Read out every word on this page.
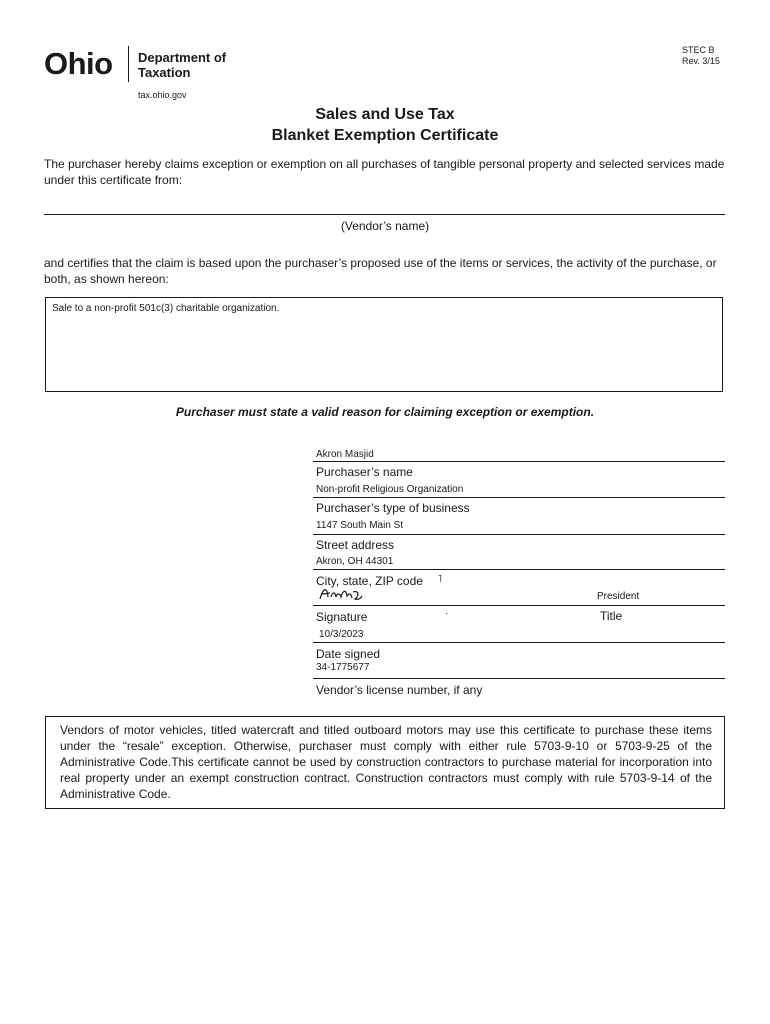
Ohio Department of
Taxation
tax.ohio.gov
STEC B
Rev. 3/15
Sales and Use Tax
Blanket Exemption Certificate
The purchaser hereby claims exception or exemption on all purchases of tangible personal property and selected services made under this certificate from:
(Vendor’s name)
and certifies that the claim is based upon the purchaser’s proposed use of the items or services, the activity of the purchase, or both, as shown hereon:
Sale to a non-profit 501c(3) charitable organization.
Purchaser must state a valid reason for claiming exception or exemption.
Akron Masjid
Purchaser’s name
Non-profit Religious Organization
Purchaser’s type of business
1147 South Main St
Street address
Akron, OH 44301
City, state, ZIP code ˥
President
Signature	·	Title
10/3/2023
Date signed
34-1775677
Vendor’s license number, if any
Vendors of motor vehicles, titled watercraft and titled outboard motors may use this certificate to purchase these items under the “resale” exception. Otherwise, purchaser must comply with either rule 5703-9-10 or 5703-9-25 of the Administrative Code.This certificate cannot be used by construction contractors to purchase material for incorporation into real property under an exempt construction contract. Construction contractors must comply with rule 5703-9-14 of the Administrative Code.
